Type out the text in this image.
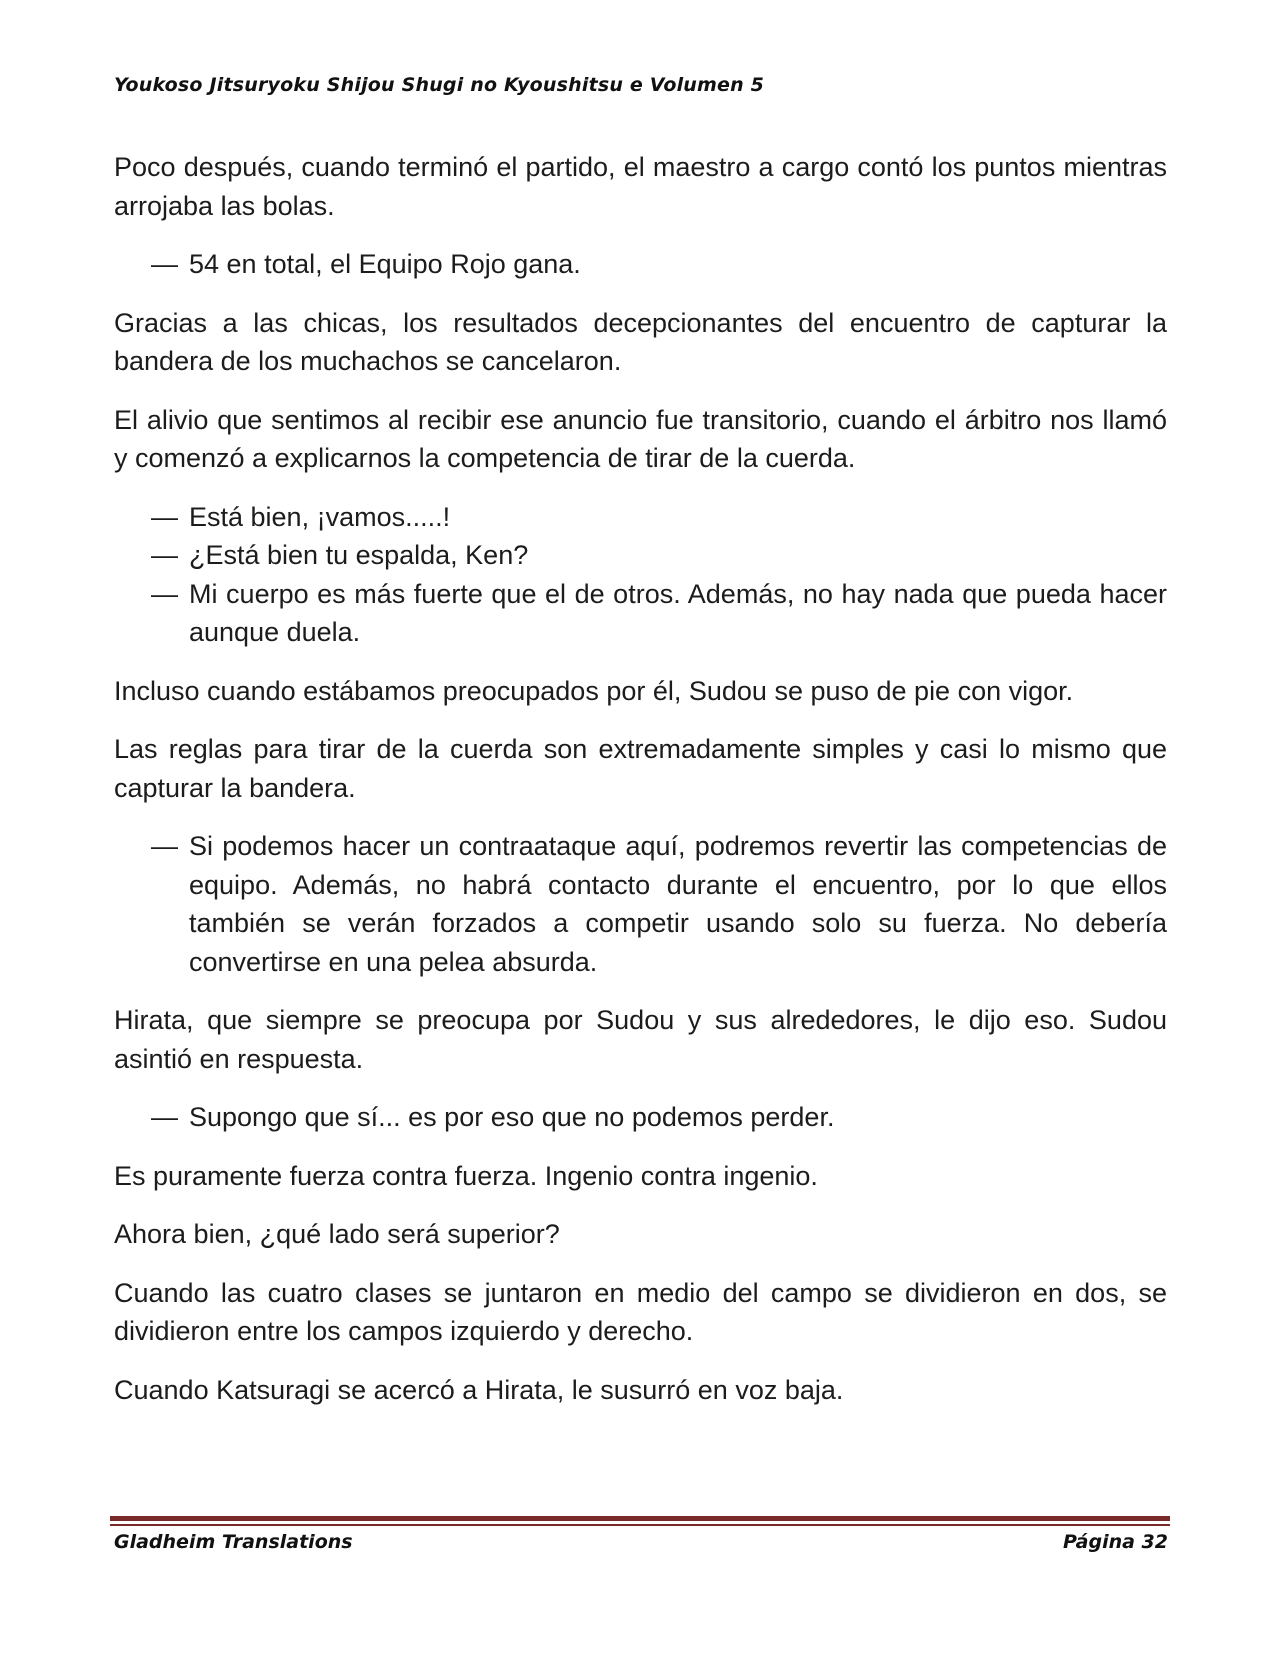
Youkoso Jitsuryoku Shijou Shugi no Kyoushitsu e Volumen 5

Poco después, cuando terminó el partido, el maestro a cargo contó los puntos mientras arrojaba las bolas.

— 54 en total, el Equipo Rojo gana.

Gracias a las chicas, los resultados decepcionantes del encuentro de capturar la bandera de los muchachos se cancelaron.

El alivio que sentimos al recibir ese anuncio fue transitorio, cuando el árbitro nos llamó y comenzó a explicarnos la competencia de tirar de la cuerda.

— Está bien, ¡vamos.....!

— ¿Está bien tu espalda, Ken?

— Mi cuerpo es más fuerte que el de otros. Además, no hay nada que pueda hacer aunque duela.

Incluso cuando estábamos preocupados por él, Sudou se puso de pie con vigor.

Las reglas para tirar de la cuerda son extremadamente simples y casi lo mismo que capturar la bandera.

— Si podemos hacer un contraataque aquí, podremos revertir las competencias de equipo. Además, no habrá contacto durante el encuentro, por lo que ellos también se verán forzados a competir usando solo su fuerza. No debería convertirse en una pelea absurda.

Hirata, que siempre se preocupa por Sudou y sus alrededores, le dijo eso. Sudou asintió en respuesta.

— Supongo que sí... es por eso que no podemos perder.

Es puramente fuerza contra fuerza. Ingenio contra ingenio.

Ahora bien, ¿qué lado será superior?

Cuando las cuatro clases se juntaron en medio del campo se dividieron en dos, se dividieron entre los campos izquierdo y derecho.

Cuando Katsuragi se acercó a Hirata, le susurró en voz baja.

Gladheim Translations	Página 32
